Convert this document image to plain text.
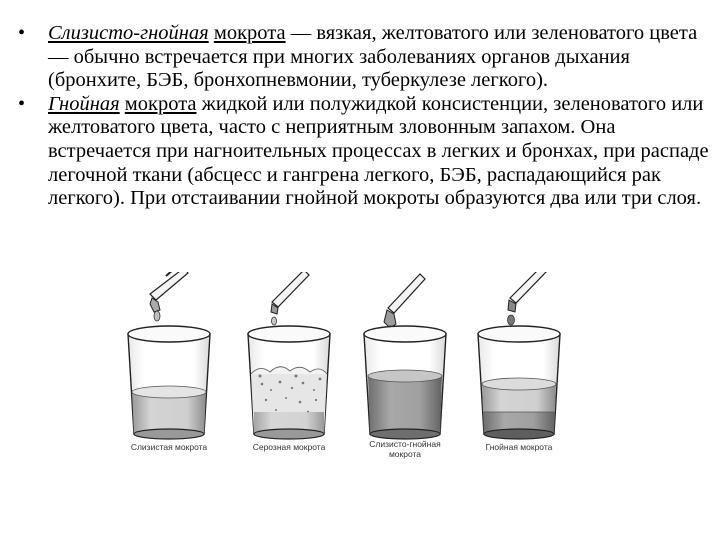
• Слизисто-гнойная мокрота — вязкая, желтоватого или зеленоватого цвета — обычно встречается при многих заболеваниях органов дыхания (бронхите, БЭБ, бронхопневмонии, туберкулезе легкого).
• Гнойная мокрота жидкой или полужидкой консистенции, зеленоватого или желтоватого цвета, часто с неприятным зловонным запахом. Она встречается при нагноительных процессах в легких и бронхах, при распаде легочной ткани (абсцесс и гангрена легкого, БЭБ, распадающийся рак легкого). При отстаивании гнойной мокроты образуются два или три слоя.
Слизистая мокрота	Серозная мокрота	Слизисто-гнойная
мокрота
Гнойная мокрота
